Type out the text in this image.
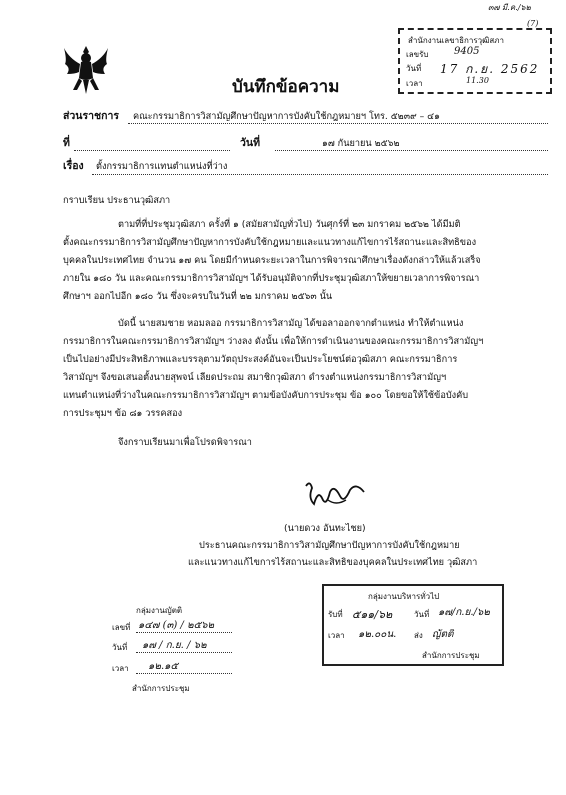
๓๗ มี.ค./๖๒
(7)
บันทึกข้อความ
สำนักงานเลขาธิการวุฒิสภา
เลขรับ	9405
วันที่ 17 ก.ย. 2562
เวลา	11.30
ส่วนราชการ คณะกรรมาธิการวิสามัญศึกษาปัญหาการบังคับใช้กฎหมายฯ โทร. ๕๒๓๙ – ๔๑
ที่	วันที่	๑๗ กันยายน ๒๕๖๒
เรื่อง ตั้งกรรมาธิการแทนตำแหน่งที่ว่าง
กราบเรียน ประธานวุฒิสภา
ตามที่ที่ประชุมวุฒิสภา ครั้งที่ ๑ (สมัยสามัญทั่วไป) วันศุกร์ที่ ๒๓ มกราคม ๒๕๖๒ ได้มีมติ
ตั้งคณะกรรมาธิการวิสามัญศึกษาปัญหาการบังคับใช้กฎหมายและแนวทางแก้ไขการไร้สถานะและสิทธิของ
บุคคลในประเทศไทย จำนวน ๑๗ คน โดยมีกำหนดระยะเวลาในการพิจารณาศึกษาเรื่องดังกล่าวให้แล้วเสร็จ
ภายใน ๑๘๐ วัน และคณะกรรมาธิการวิสามัญฯ ได้รับอนุมัติจากที่ประชุมวุฒิสภาให้ขยายเวลาการพิจารณา
ศึกษาฯ ออกไปอีก ๑๘๐ วัน ซึ่งจะครบในวันที่ ๒๒ มกราคม ๒๕๖๓ นั้น
บัดนี้ นายสมชาย หอมลออ กรรมาธิการวิสามัญ ได้ขอลาออกจากตำแหน่ง ทำให้ตำแหน่ง
กรรมาธิการในคณะกรรมาธิการวิสามัญฯ ว่างลง ดังนั้น เพื่อให้การดำเนินงานของคณะกรรมาธิการวิสามัญฯ
เป็นไปอย่างมีประสิทธิภาพและบรรลุตามวัตถุประสงค์อันจะเป็นประโยชน์ต่อวุฒิสภา คณะกรรมาธิการ
วิสามัญฯ จึงขอเสนอตั้งนายสุพจน์ เลียดประถม สมาชิกวุฒิสภา ดำรงตำแหน่งกรรมาธิการวิสามัญฯ
แทนตำแหน่งที่ว่างในคณะกรรมาธิการวิสามัญฯ ตามข้อบังคับการประชุม ข้อ ๑๐๐ โดยขอให้ใช้ข้อบังคับ
การประชุมฯ ข้อ ๘๑ วรรคสอง
จึงกราบเรียนมาเพื่อโปรดพิจารณา
(นายดวง อันทะไชย)
ประธานคณะกรรมาธิการวิสามัญศึกษาปัญหาการบังคับใช้กฎหมาย
และแนวทางแก้ไขการไร้สถานะและสิทธิของบุคคลในประเทศไทย วุฒิสภา
กลุ่มงานญัตติ
เลขที่ ๑๔๗ (๓) / ๒๕๖๒
วันที่ ๑๗ / ก.ย. / ๖๒
เวลา ๑๒.๑๕
สำนักการประชุม
กลุ่มงานบริหารทั่วไป
รับที่ ๕๑๑/๖๒	วันที่ ๑๗/ก.ย./๖๒
เวลา ๑๒.๐๐น. ส่ง ญัตติ
สำนักการประชุม
